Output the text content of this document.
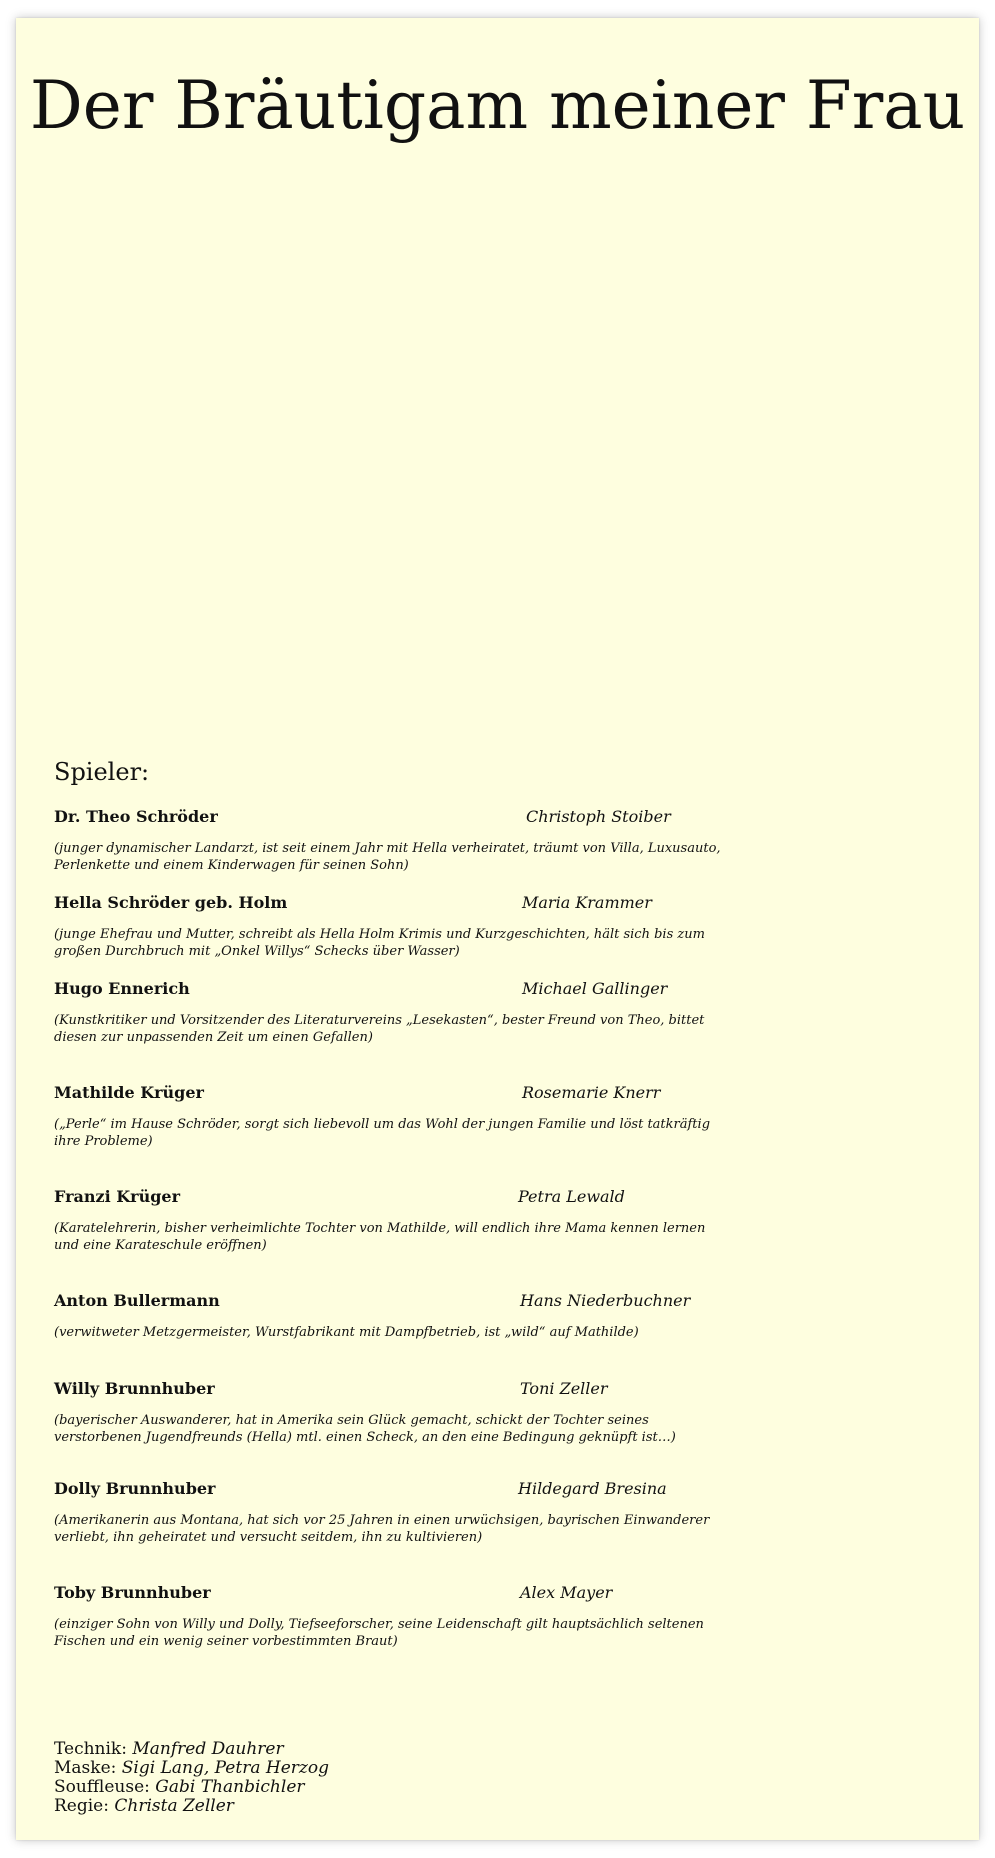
Der Bräutigam meiner Frau
Spieler:
Dr. Theo Schröder	Christoph Stoiber
(junger dynamischer Landarzt, ist seit einem Jahr mit Hella verheiratet, träumt von Villa, Luxusauto, Perlenkette und einem Kinderwagen für seinen Sohn)
Hella Schröder geb. Holm	Maria Krammer
(junge Ehefrau und Mutter, schreibt als Hella Holm Krimis und Kurzgeschichten, hält sich bis zum großen Durchbruch mit „Onkel Willys“ Schecks über Wasser)
Hugo Ennerich	Michael Gallinger
(Kunstkritiker und Vorsitzender des Literaturvereins „Lesekasten“, bester Freund von Theo, bittet diesen zur unpassenden Zeit um einen Gefallen)
Mathilde Krüger	Rosemarie Knerr
(„Perle“ im Hause Schröder, sorgt sich liebevoll um das Wohl der jungen Familie und löst tatkräftig ihre Probleme)
Franzi Krüger	Petra Lewald
(Karatelehrerin, bisher verheimlichte Tochter von Mathilde, will endlich ihre Mama kennen lernen und eine Karateschule eröffnen)
Anton Bullermann	Hans Niederbuchner
(verwitweter Metzgermeister, Wurstfabrikant mit Dampfbetrieb, ist „wild“ auf Mathilde)
Willy Brunnhuber	Toni Zeller
(bayerischer Auswanderer, hat in Amerika sein Glück gemacht, schickt der Tochter seines verstorbenen Jugendfreunds (Hella) mtl. einen Scheck, an den eine Bedingung geknüpft ist…)
Dolly Brunnhuber	Hildegard Bresina
(Amerikanerin aus Montana, hat sich vor 25 Jahren in einen urwüchsigen, bayrischen Einwanderer verliebt, ihn geheiratet und versucht seitdem, ihn zu kultivieren)
Toby Brunnhuber	Alex Mayer
(einziger Sohn von Willy und Dolly, Tiefseeforscher, seine Leidenschaft gilt hauptsächlich seltenen Fischen und ein wenig seiner vorbestimmten Braut)
Technik: Manfred Dauhrer
Maske: Sigi Lang, Petra Herzog
Souffleuse: Gabi Thanbichler
Regie: Christa Zeller
